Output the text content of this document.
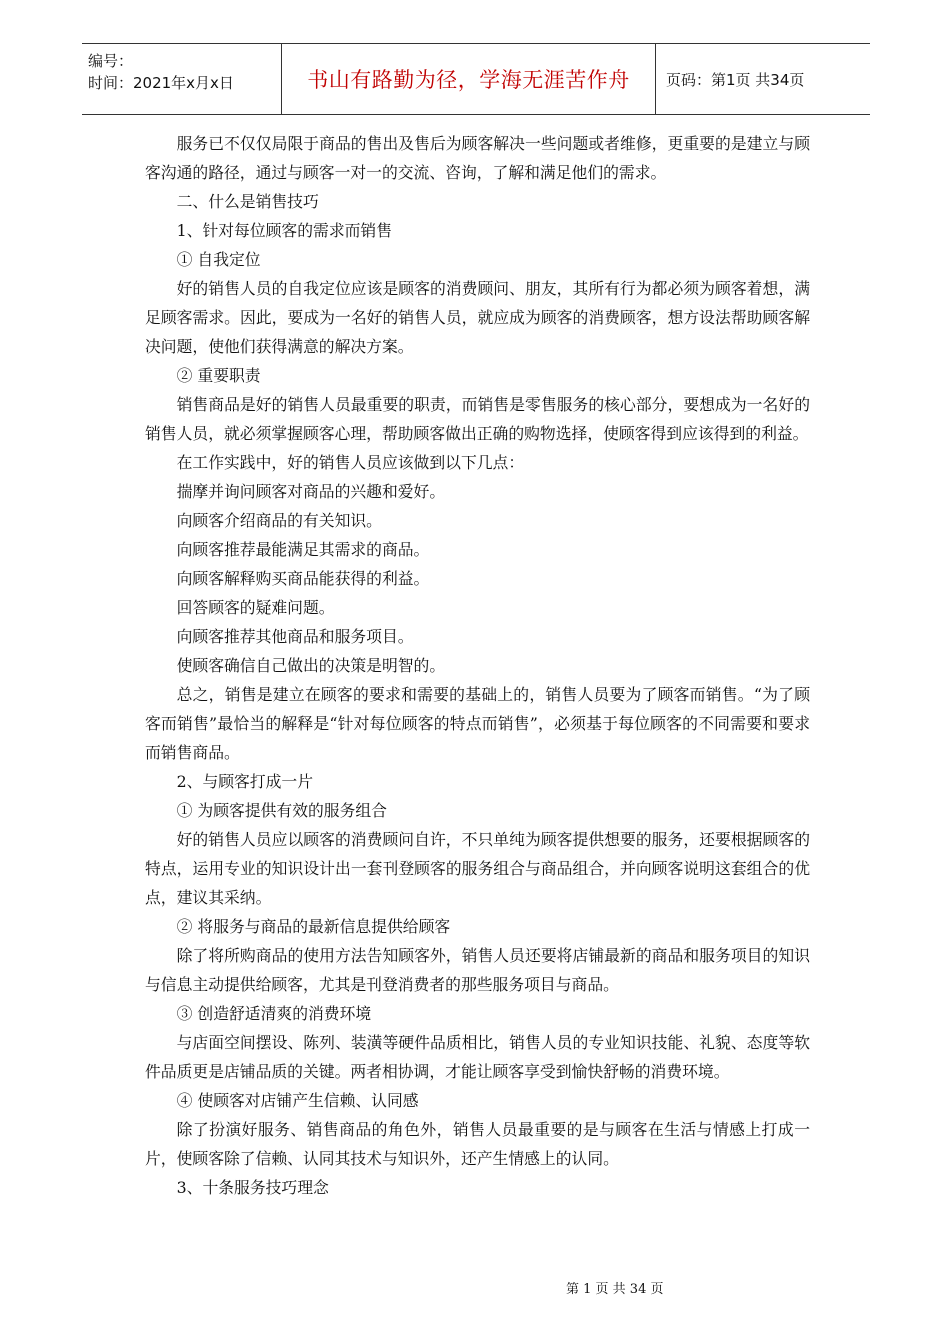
编号：
时间：2021年x月x日	书山有路勤为径，学海无涯苦作舟	页码：第1页 共34页

服务已不仅仅局限于商品的售出及售后为顾客解决一些问题或者维修，更重要的是建立与顾客沟通的路径，通过与顾客一对一的交流、咨询，了解和满足他们的需求。

二、什么是销售技巧

1、针对每位顾客的需求而销售

① 自我定位

好的销售人员的自我定位应该是顾客的消费顾问、朋友，其所有行为都必须为顾客着想，满足顾客需求。因此，要成为一名好的销售人员，就应成为顾客的消费顾客，想方设法帮助顾客解决问题，使他们获得满意的解决方案。

② 重要职责

销售商品是好的销售人员最重要的职责，而销售是零售服务的核心部分，要想成为一名好的销售人员，就必须掌握顾客心理，帮助顾客做出正确的购物选择，使顾客得到应该得到的利益。

在工作实践中，好的销售人员应该做到以下几点：

揣摩并询问顾客对商品的兴趣和爱好。

向顾客介绍商品的有关知识。

向顾客推荐最能满足其需求的商品。

向顾客解释购买商品能获得的利益。

回答顾客的疑难问题。

向顾客推荐其他商品和服务项目。

使顾客确信自己做出的决策是明智的。

总之，销售是建立在顾客的要求和需要的基础上的，销售人员要为了顾客而销售。“为了顾客而销售”最恰当的解释是“针对每位顾客的特点而销售”，必须基于每位顾客的不同需要和要求而销售商品。

2、与顾客打成一片

① 为顾客提供有效的服务组合

好的销售人员应以顾客的消费顾问自许，不只单纯为顾客提供想要的服务，还要根据顾客的特点，运用专业的知识设计出一套刊登顾客的服务组合与商品组合，并向顾客说明这套组合的优点，建议其采纳。

② 将服务与商品的最新信息提供给顾客

除了将所购商品的使用方法告知顾客外，销售人员还要将店铺最新的商品和服务项目的知识与信息主动提供给顾客，尤其是刊登消费者的那些服务项目与商品。

③ 创造舒适清爽的消费环境

与店面空间摆设、陈列、装潢等硬件品质相比，销售人员的专业知识技能、礼貌、态度等软件品质更是店铺品质的关键。两者相协调，才能让顾客享受到愉快舒畅的消费环境。

④ 使顾客对店铺产生信赖、认同感

除了扮演好服务、销售商品的角色外，销售人员最重要的是与顾客在生活与情感上打成一片，使顾客除了信赖、认同其技术与知识外，还产生情感上的认同。

3、十条服务技巧理念

第 1 页 共 34 页
